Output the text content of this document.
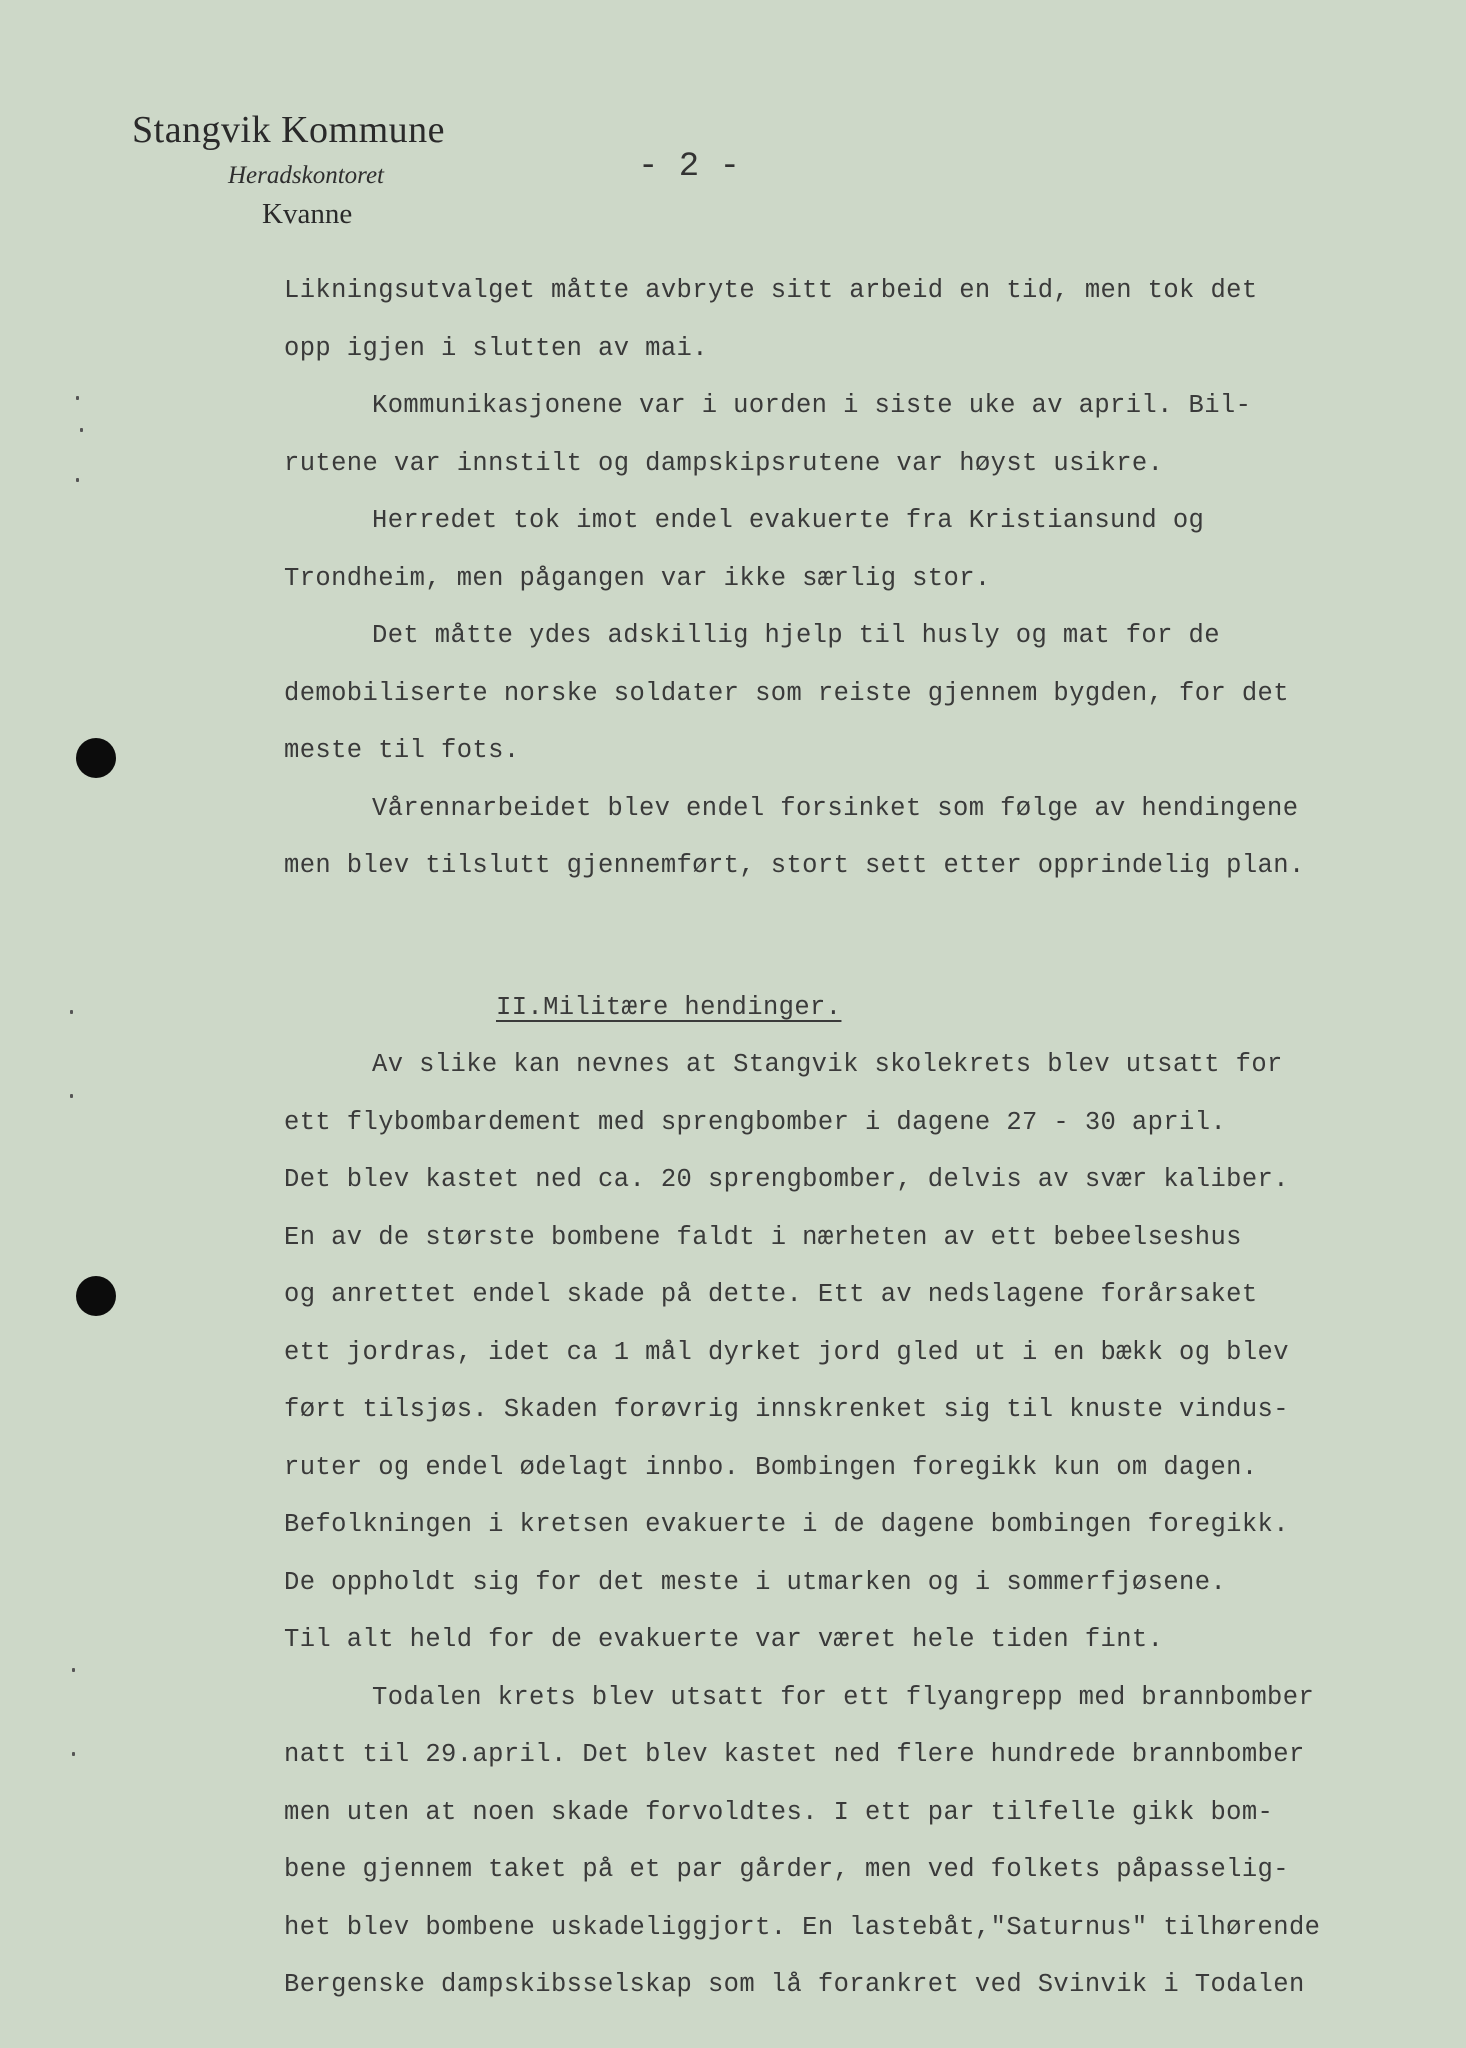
Stangvik Kommune
Heradskontoret
Kvanne
- 2 -
Likningsutvalget måtte avbryte sitt arbeid en tid, men tok det
opp igjen i slutten av mai.
Kommunikasjonene var i uorden i siste uke av april. Bil-
rutene var innstilt og dampskipsrutene var høyst usikre.
Herredet tok imot endel evakuerte fra Kristiansund og
Trondheim, men pågangen var ikke særlig stor.
Det måtte ydes adskillig hjelp til husly og mat for de
demobiliserte norske soldater som reiste gjennem bygden, for det
meste til fots.
Vårennarbeidet blev endel forsinket som følge av hendingene
men blev tilslutt gjennemført, stort sett etter opprindelig plan.
II.Militære hendinger.
Av slike kan nevnes at Stangvik skolekrets blev utsatt for
ett flybombardement med sprengbomber i dagene 27 - 30 april.
Det blev kastet ned ca. 20 sprengbomber, delvis av svær kaliber.
En av de største bombene faldt i nærheten av ett bebeelseshus
og anrettet endel skade på dette. Ett av nedslagene forårsaket
ett jordras, idet ca 1 mål dyrket jord gled ut i en bækk og blev
ført tilsjøs. Skaden forøvrig innskrenket sig til knuste vindus-
ruter og endel ødelagt innbo. Bombingen foregikk kun om dagen.
Befolkningen i kretsen evakuerte i de dagene bombingen foregikk.
De oppholdt sig for det meste i utmarken og i sommerfjøsene.
Til alt held for de evakuerte var været hele tiden fint.
Todalen krets blev utsatt for ett flyangrepp med brannbomber
natt til 29.april. Det blev kastet ned flere hundrede brannbomber
men uten at noen skade forvoldtes. I ett par tilfelle gikk bom-
bene gjennem taket på et par gårder, men ved folkets påpasselig-
het blev bombene uskadeliggjort. En lastebåt,"Saturnus" tilhørende
Bergenske dampskibsselskap som lå forankret ved Svinvik i Todalen
